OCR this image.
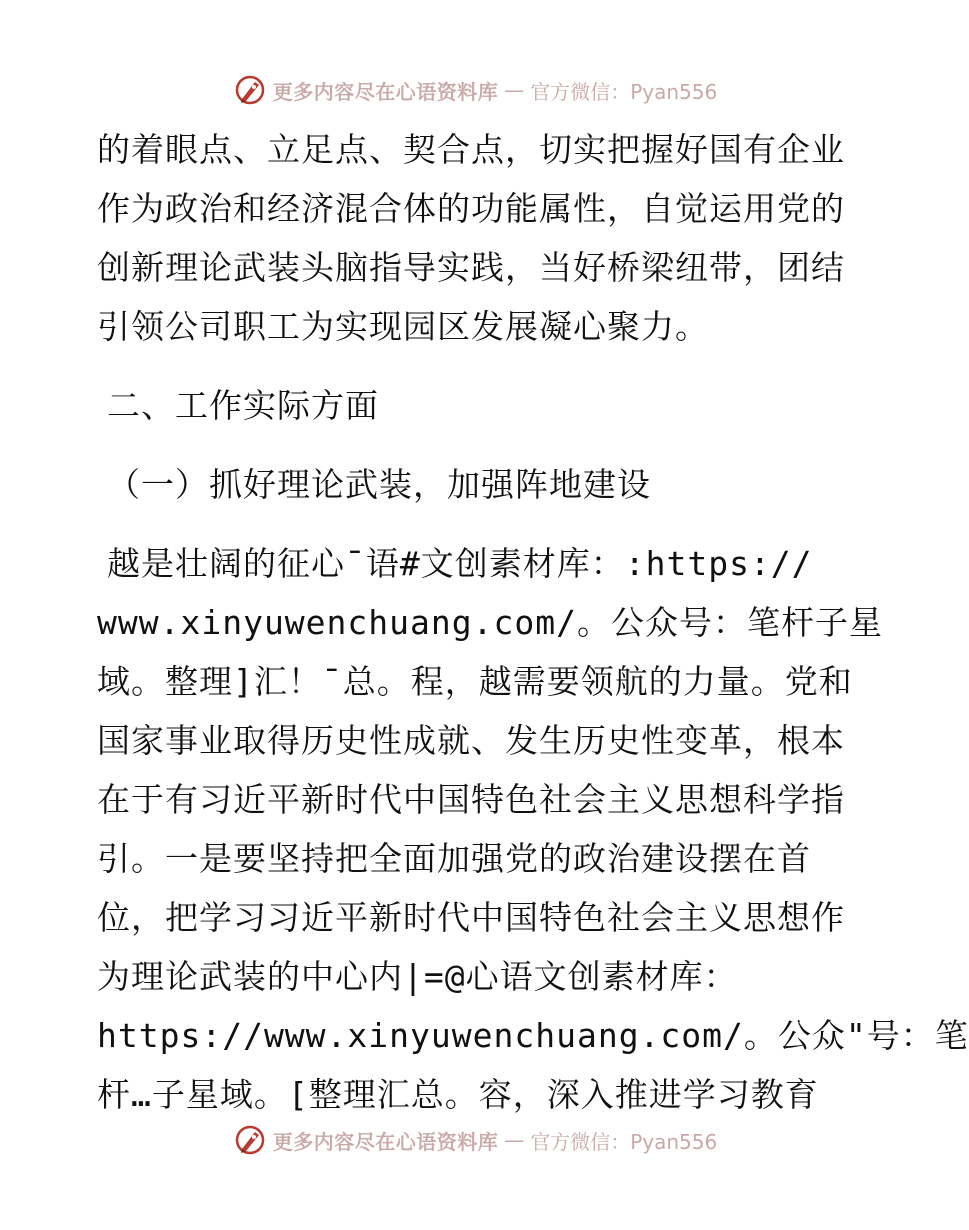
更多内容尽在心语资料库 — 官方微信：Pyan556
的着眼点、立足点、契合点，切实把握好国有企业
作为政治和经济混合体的功能属性，自觉运用党的
创新理论武装头脑指导实践，当好桥梁纽带，团结
引领公司职工为实现园区发展凝心聚力。
二、工作实际方面
（一）抓好理论武装，加强阵地建设
越是壮阔的征心¯语#文创素材库：:https://
www.xinyuwenchuang.com/。公众号：笔杆子星
域。整理]汇！¯总。程，越需要领航的力量。党和
国家事业取得历史性成就、发生历史性变革，根本
在于有习近平新时代中国特色社会主义思想科学指
引。一是要坚持把全面加强党的政治建设摆在首
位，把学习习近平新时代中国特色社会主义思想作
为理论武装的中心内|=@心语文创素材库：
https://www.xinyuwenchuang.com/。公众"号：笔
杆…子星域。[整理汇总。容，深入推进学习教育
更多内容尽在心语资料库 — 官方微信：Pyan556
